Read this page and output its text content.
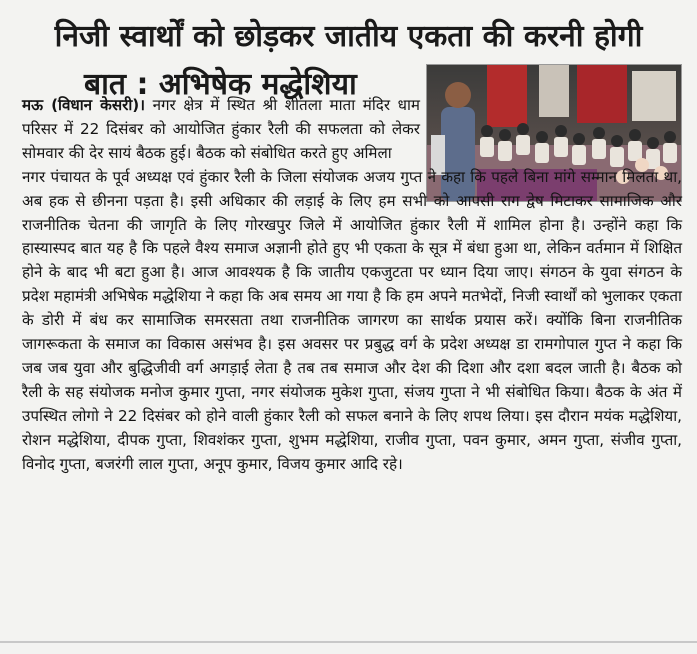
निजी स्वार्थों को छोड़कर जातीय एकता की करनी होगी
बात : अभिषेक मद्धेशिया
मऊ (विधान केसरी)। नगर क्षेत्र में स्थित श्री शीतला माता मंदिर धाम परिसर में 22 दिसंबर को आयोजित हुंकार रैली की सफलता को लेकर सोमवार की देर सायं बैठक हुई। बैठक को संबोधित करते हुए अमिला
नगर पंचायत के पूर्व अध्यक्ष एवं हुंकार रैली के जिला संयोजक अजय गुप्त ने कहा कि पहले बिना मांगे सम्मान मिलता था, अब हक से छीनना पड़ता है। इसी अधिकार की लड़ाई के लिए हम सभी को आपसी राग द्वेष मिटाकर सामाजिक और राजनीतिक चेतना की जागृति के लिए गोरखपुर जिले में आयोजित हुंकार रैली में शामिल होना है। उन्होंने कहा कि हास्यास्पद बात यह है कि पहले वैश्य समाज अज्ञानी होते हुए भी एकता के सूत्र में बंधा हुआ था, लेकिन वर्तमान में शिक्षित होने के बाद भी बटा हुआ है। आज आवश्यक है कि जातीय एकजुटता पर ध्यान दिया जाए। संगठन के युवा संगठन के प्रदेश महामंत्री अभिषेक मद्धेशिया ने कहा कि अब समय आ गया है कि हम अपने मतभेदों, निजी स्वार्थों को भुलाकर एकता के डोरी में बंध कर सामाजिक समरसता तथा राजनीतिक जागरण का सार्थक प्रयास करें। क्योंकि बिना राजनीतिक जागरूकता के समाज का विकास असंभव है। इस अवसर पर प्रबुद्ध वर्ग के प्रदेश अध्यक्ष डा रामगोपाल गुप्त ने कहा कि जब जब युवा और बुद्धिजीवी वर्ग अगड़ाई लेता है तब तब समाज और देश की दिशा और दशा बदल जाती है। बैठक को रैली के सह संयोजक मनोज कुमार गुप्ता, नगर संयोजक मुकेश गुप्ता, संजय गुप्ता ने भी संबोधित किया। बैठक के अंत में उपस्थित लोगो ने 22 दिसंबर को होने वाली हुंकार रैली को सफल बनाने के लिए शपथ लिया। इस दौरान मयंक मद्धेशिया, रोशन मद्धेशिया, दीपक गुप्ता, शिवशंकर गुप्ता, शुभम मद्धेशिया, राजीव गुप्ता, पवन कुमार, अमन गुप्ता, संजीव गुप्ता, विनोद गुप्ता, बजरंगी लाल गुप्ता, अनूप कुमार, विजय कुमार आदि रहे।
